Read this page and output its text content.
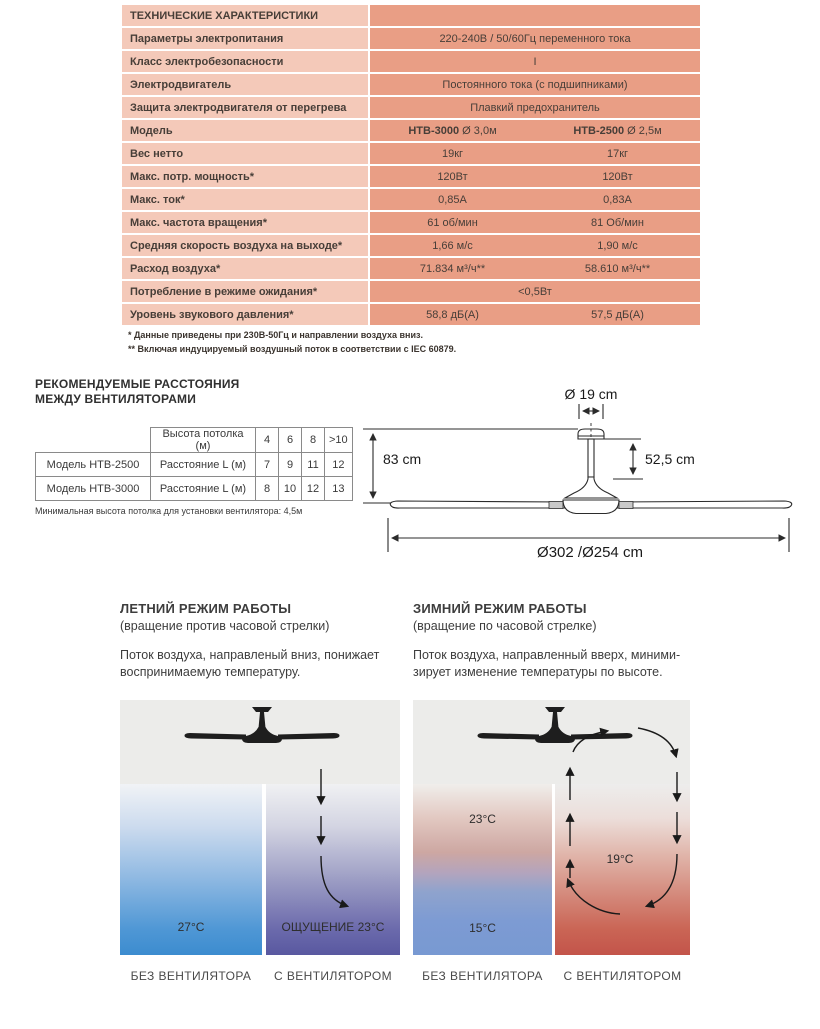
ТЕХНИЧЕСКИЕ ХАРАКТЕРИСТИКИ	
Параметры электропитания	220-240В / 50/60Гц переменного тока
Класс электробезопасности	I
Электродвигатель	Постоянного тока (с подшипниками)
Защита электродвигателя от перегрева	Плавкий предохранитель
Модель	HTB-3000 Ø 3,0м HTB-2500 Ø 2,5м

Вес нетто	19кг 17кг

Макс. потр. мощность*	120Вт 120Вт

Макс. ток*	0,85А 0,83А

Макс. частота вращения*	61 об/мин 81 Об/мин

Средняя скорость воздуха на выходе*	1,66 м/с 1,90 м/с

Расход воздуха*	71.834 м³/ч** 58.610 м³/ч**

Потребление в режиме ожидания*	<0,5Вт
Уровень звукового давления*	58,8 дБ(А) 57,5 дБ(А)
* Данные приведены при 230В-50Гц и направлении воздуха вниз.
** Включая индуцируемый воздушный поток в соответствии с IEC 60879.
РЕКОМЕНДУЕМЫЕ РАССТОЯНИЯ
МЕЖДУ ВЕНТИЛЯТОРАМИ
	Высота потолка (м)	4	6	8	>10
Модель HTB-2500	Расстояние L (м)	7	9	11	12
Модель HTB-3000	Расстояние L (м)	8	10	12	13
Минимальная высота потолка для установки вентилятора: 4,5м
Ø 19 cm
83 cm	52,5 cm
Ø302 /Ø254 cm
ЛЕТНИЙ РЕЖИМ РАБОТЫ

(вращение против часовой стрелки)

Поток воздуха, направленый вниз, понижает
воспринимаемую температуру.

ЗИМНИЙ РЕЖИМ РАБОТЫ

(вращение по часовой стрелке)

Поток воздуха, направленный вверх, миними-
зирует изменение температуры по высоте.

27°C	ОЩУЩЕНИЕ 23°C
23°C
15°C
19°C
БЕЗ ВЕНТИЛЯТОРА	С ВЕНТИЛЯТОРОМ	БЕЗ ВЕНТИЛЯТОРА	С ВЕНТИЛЯТОРОМ
